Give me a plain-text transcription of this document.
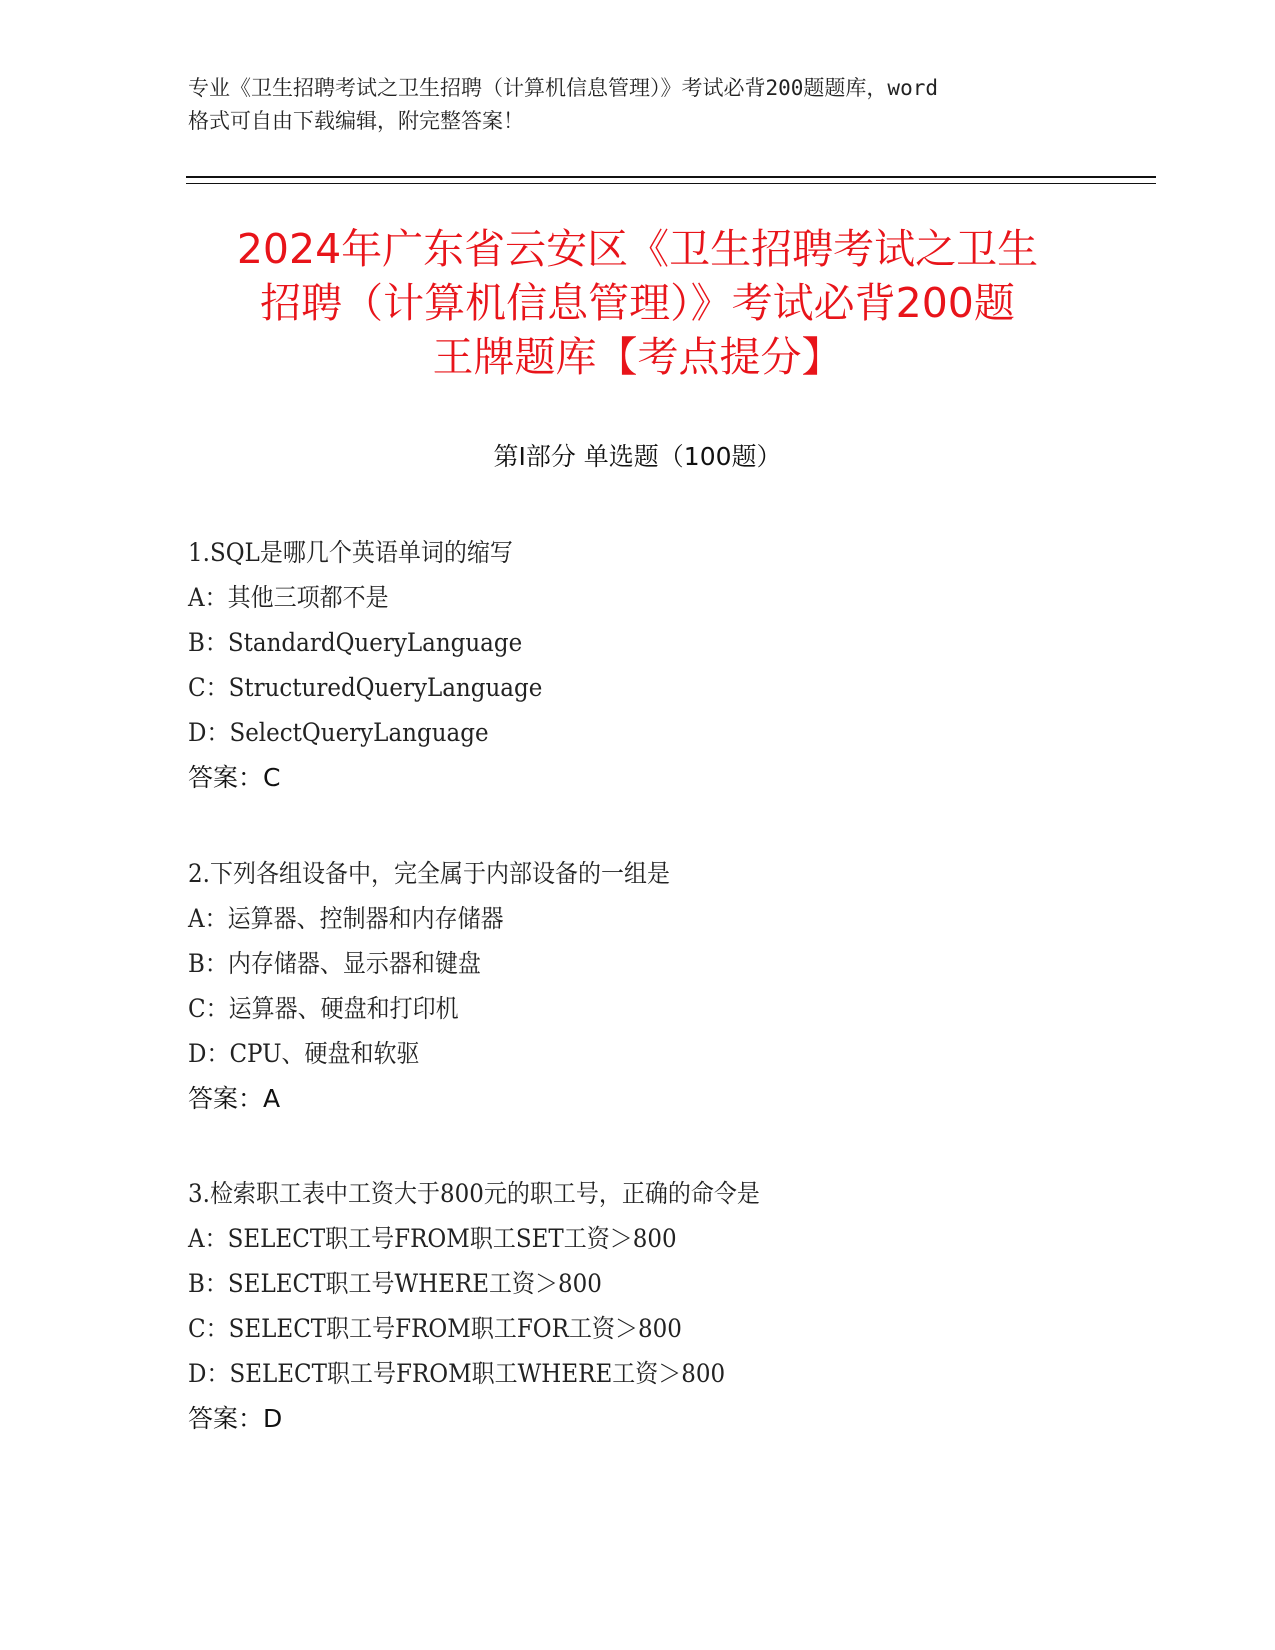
专业《卫生招聘考试之卫生招聘（计算机信息管理）》考试必背200题题库，word
格式可自由下载编辑，附完整答案！
2024年广东省云安区《卫生招聘考试之卫生
招聘（计算机信息管理）》考试必背200题
王牌题库【考点提分】
第Ⅰ部分 单选题（100题）
1.SQL是哪几个英语单词的缩写
A：其他三项都不是
B：StandardQueryLanguage
C：StructuredQueryLanguage
D：SelectQueryLanguage
答案：C
2.下列各组设备中，完全属于内部设备的一组是
A：运算器、控制器和内存储器
B：内存储器、显示器和键盘
C：运算器、硬盘和打印机
D：CPU、硬盘和软驱
答案：A
3.检索职工表中工资大于800元的职工号，正确的命令是
A：SELECT职工号FROM职工SET工资＞800
B：SELECT职工号WHERE工资＞800
C：SELECT职工号FROM职工FOR工资＞800
D：SELECT职工号FROM职工WHERE工资＞800
答案：D
